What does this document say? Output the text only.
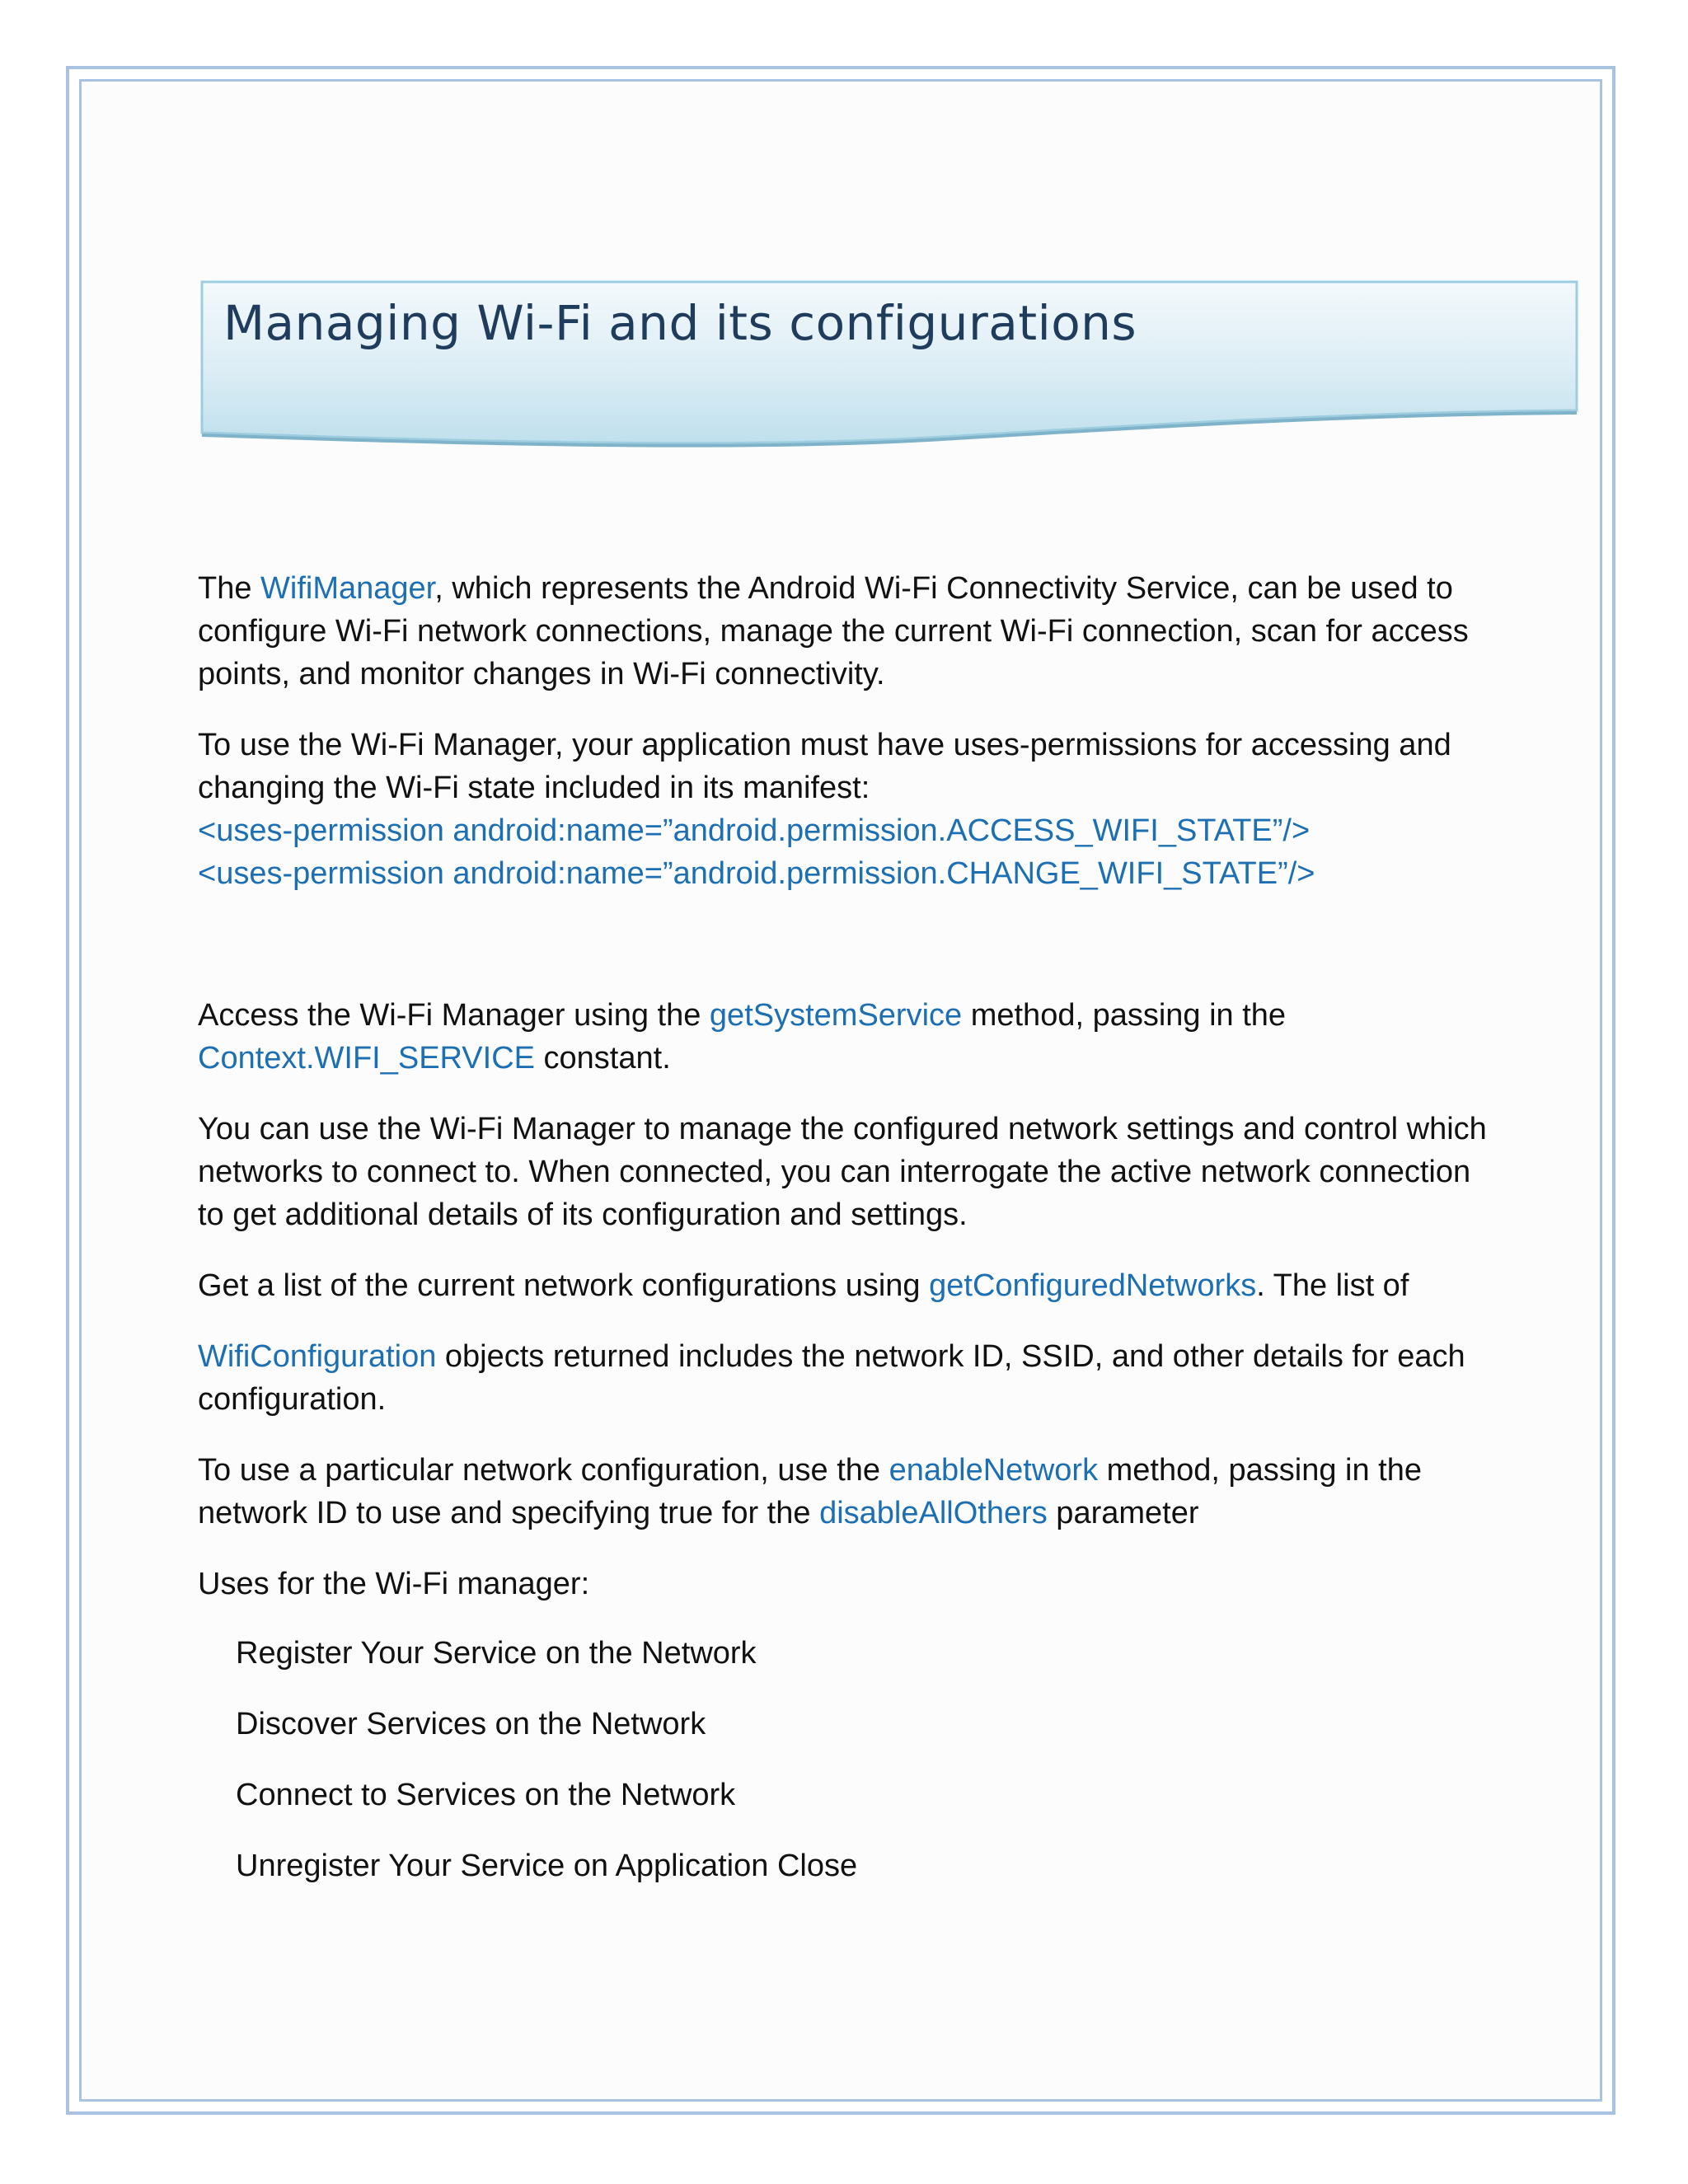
Managing Wi-Fi and its configurations

The WifiManager, which represents the Android Wi-Fi Connectivity Service, can be used to configure Wi-Fi network connections, manage the current Wi-Fi connection, scan for access points, and monitor changes in Wi-Fi connectivity.

To use the Wi-Fi Manager, your application must have uses-permissions for accessing and changing the Wi-Fi state included in its manifest:

<uses-permission android:name=”android.permission.ACCESS_WIFI_STATE”/>

<uses-permission android:name=”android.permission.CHANGE_WIFI_STATE”/>

Access the Wi-Fi Manager using the getSystemService method, passing in the Context.WIFI_SERVICE constant.

You can use the Wi-Fi Manager to manage the configured network settings and control which networks to connect to. When connected, you can interrogate the active network connection to get additional details of its configuration and settings.

Get a list of the current network configurations using getConfiguredNetworks. The list of

WifiConfiguration objects returned includes the network ID, SSID, and other details for each configuration.

To use a particular network configuration, use the enableNetwork method, passing in the network ID to use and specifying true for the disableAllOthers parameter

Uses for the Wi-Fi manager:

Register Your Service on the Network

Discover Services on the Network

Connect to Services on the Network

Unregister Your Service on Application Close
